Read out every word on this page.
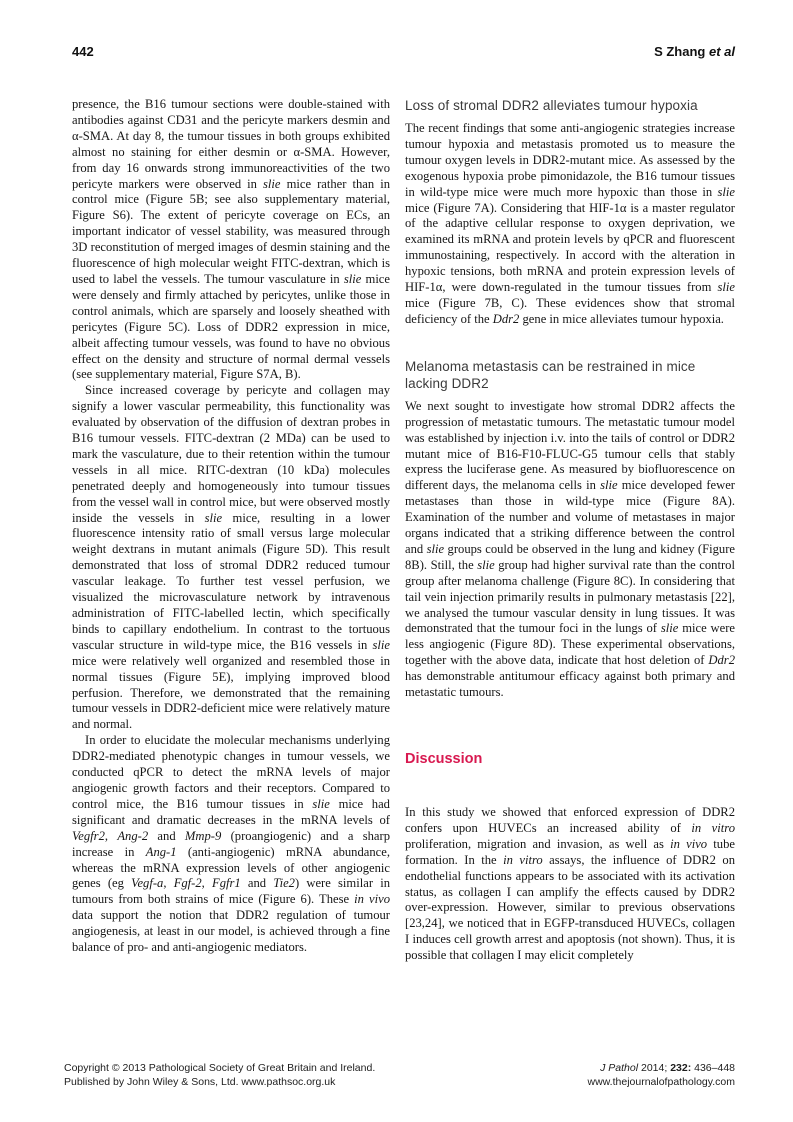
442	S Zhang et al

presence, the B16 tumour sections were double-stained with antibodies against CD31 and the pericyte markers desmin and α-SMA. At day 8, the tumour tissues in both groups exhibited almost no staining for either desmin or α-SMA. However, from day 16 onwards strong immunoreactivities of the two pericyte markers were observed in slie mice rather than in control mice (Figure 5B; see also supplementary material, Figure S6). The extent of pericyte coverage on ECs, an important indicator of vessel stability, was measured through 3D reconstitution of merged images of desmin staining and the fluorescence of high molecular weight FITC-dextran, which is used to label the vessels. The tumour vasculature in slie mice were densely and firmly attached by pericytes, unlike those in control animals, which are sparsely and loosely sheathed with pericytes (Figure 5C). Loss of DDR2 expression in mice, albeit affecting tumour vessels, was found to have no obvious effect on the density and structure of normal dermal vessels (see supplementary material, Figure S7A, B).

Since increased coverage by pericyte and collagen may signify a lower vascular permeability, this functionality was evaluated by observation of the diffusion of dextran probes in B16 tumour vessels. FITC-dextran (2 MDa) can be used to mark the vasculature, due to their retention within the tumour vessels in all mice. RITC-dextran (10 kDa) molecules penetrated deeply and homogeneously into tumour tissues from the vessel wall in control mice, but were observed mostly inside the vessels in slie mice, resulting in a lower fluorescence intensity ratio of small versus large molecular weight dextrans in mutant animals (Figure 5D). This result demonstrated that loss of stromal DDR2 reduced tumour vascular leakage. To further test vessel perfusion, we visualized the microvasculature network by intravenous administration of FITC-labelled lectin, which specifically binds to capillary endothelium. In contrast to the tortuous vascular structure in wild-type mice, the B16 vessels in slie mice were relatively well organized and resembled those in normal tissues (Figure 5E), implying improved blood perfusion. Therefore, we demonstrated that the remaining tumour vessels in DDR2-deficient mice were relatively mature and normal.

In order to elucidate the molecular mechanisms underlying DDR2-mediated phenotypic changes in tumour vessels, we conducted qPCR to detect the mRNA levels of major angiogenic growth factors and their receptors. Compared to control mice, the B16 tumour tissues in slie mice had significant and dramatic decreases in the mRNA levels of Vegfr2, Ang-2 and Mmp-9 (proangiogenic) and a sharp increase in Ang-1 (anti-angiogenic) mRNA abundance, whereas the mRNA expression levels of other angiogenic genes (eg Vegf-a, Fgf-2, Fgfr1 and Tie2) were similar in tumours from both strains of mice (Figure 6). These in vivo data support the notion that DDR2 regulation of tumour angiogenesis, at least in our model, is achieved through a fine balance of pro- and anti-angiogenic mediators.

Loss of stromal DDR2 alleviates tumour hypoxia

The recent findings that some anti-angiogenic strategies increase tumour hypoxia and metastasis promoted us to measure the tumour oxygen levels in DDR2-mutant mice. As assessed by the exogenous hypoxia probe pimonidazole, the B16 tumour tissues in wild-type mice were much more hypoxic than those in slie mice (Figure 7A). Considering that HIF-1α is a master regulator of the adaptive cellular response to oxygen deprivation, we examined its mRNA and protein levels by qPCR and fluorescent immunostaining, respectively. In accord with the alteration in hypoxic tensions, both mRNA and protein expression levels of HIF-1α, were down-regulated in the tumour tissues from slie mice (Figure 7B, C). These evidences show that stromal deficiency of the Ddr2 gene in mice alleviates tumour hypoxia.

Melanoma metastasis can be restrained in mice lacking DDR2

We next sought to investigate how stromal DDR2 affects the progression of metastatic tumours. The metastatic tumour model was established by injection i.v. into the tails of control or DDR2 mutant mice of B16-F10-FLUC-G5 tumour cells that stably express the luciferase gene. As measured by biofluorescence on different days, the melanoma cells in slie mice developed fewer metastases than those in wild-type mice (Figure 8A). Examination of the number and volume of metastases in major organs indicated that a striking difference between the control and slie groups could be observed in the lung and kidney (Figure 8B). Still, the slie group had higher survival rate than the control group after melanoma challenge (Figure 8C). In considering that tail vein injection primarily results in pulmonary metastasis [22], we analysed the tumour vascular density in lung tissues. It was demonstrated that the tumour foci in the lungs of slie mice were less angiogenic (Figure 8D). These experimental observations, together with the above data, indicate that host deletion of Ddr2 has demonstrable antitumour efficacy against both primary and metastatic tumours.

Discussion

In this study we showed that enforced expression of DDR2 confers upon HUVECs an increased ability of in vitro proliferation, migration and invasion, as well as in vivo tube formation. In the in vitro assays, the influence of DDR2 on endothelial functions appears to be associated with its activation status, as collagen I can amplify the effects caused by DDR2 over-expression. However, similar to previous observations [23,24], we noticed that in EGFP-transduced HUVECs, collagen I induces cell growth arrest and apoptosis (not shown). Thus, it is possible that collagen I may elicit completely

Copyright © 2013 Pathological Society of Great Britain and Ireland.
Published by John Wiley & Sons, Ltd. www.pathsoc.org.uk
J Pathol 2014; 232: 436–448
www.thejournalofpathology.com
